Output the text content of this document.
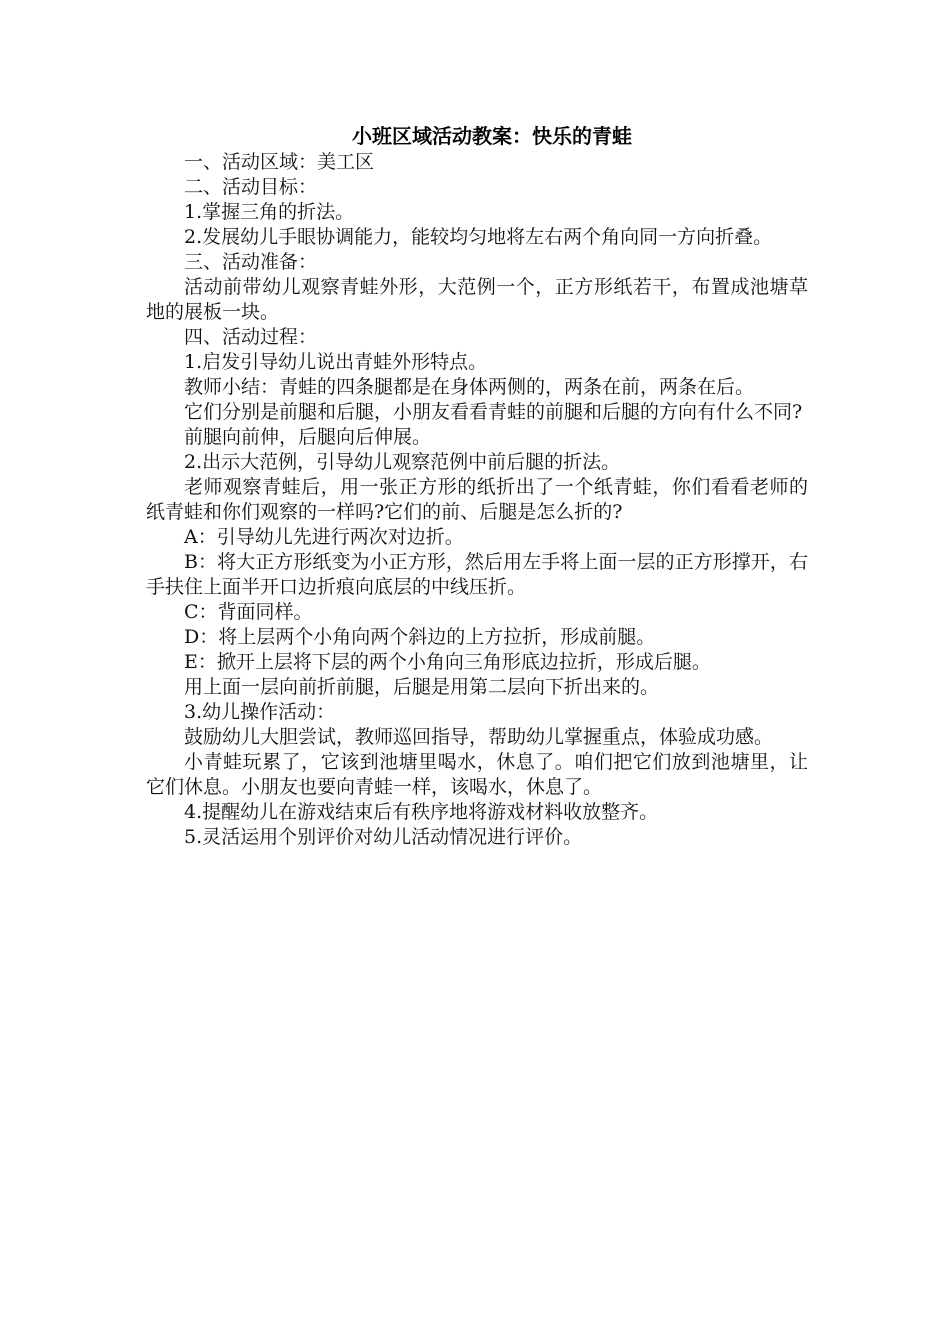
小班区域活动教案：快乐的青蛙

一、活动区域：美工区

二、活动目标：

1.掌握三角的折法。

2.发展幼儿手眼协调能力，能较均匀地将左右两个角向同一方向折叠。

三、活动准备：

活动前带幼儿观察青蛙外形，大范例一个，正方形纸若干，布置成池塘草地的展板一块。

四、活动过程：

1.启发引导幼儿说出青蛙外形特点。

教师小结：青蛙的四条腿都是在身体两侧的，两条在前，两条在后。

它们分别是前腿和后腿，小朋友看看青蛙的前腿和后腿的方向有什么不同?

前腿向前伸，后腿向后伸展。

2.出示大范例，引导幼儿观察范例中前后腿的折法。

老师观察青蛙后，用一张正方形的纸折出了一个纸青蛙，你们看看老师的纸青蛙和你们观察的一样吗?它们的前、后腿是怎么折的?

A：引导幼儿先进行两次对边折。

B：将大正方形纸变为小正方形，然后用左手将上面一层的正方形撑开，右手扶住上面半开口边折痕向底层的中线压折。

C：背面同样。

D：将上层两个小角向两个斜边的上方拉折，形成前腿。

E：掀开上层将下层的两个小角向三角形底边拉折，形成后腿。

用上面一层向前折前腿，后腿是用第二层向下折出来的。

3.幼儿操作活动：

鼓励幼儿大胆尝试，教师巡回指导，帮助幼儿掌握重点，体验成功感。

小青蛙玩累了，它该到池塘里喝水，休息了。咱们把它们放到池塘里，让它们休息。小朋友也要向青蛙一样，该喝水，休息了。

4.提醒幼儿在游戏结束后有秩序地将游戏材料收放整齐。

5.灵活运用个别评价对幼儿活动情况进行评价。
